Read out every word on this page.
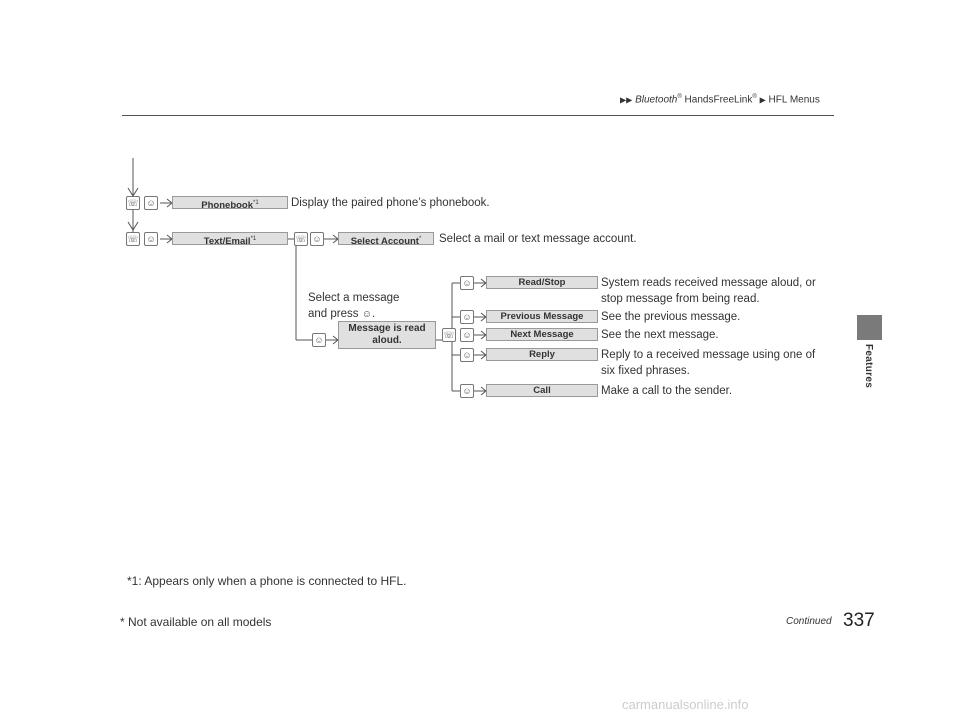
▶▶ Bluetooth® HandsFreeLink® ▶ HFL Menus
Features
☏ ☺
☏ ☺	☏ ☺
☺	☏
☺
☺
☺
☺
☺
Phonebook$^{*1}$	Display the paired phone’s phonebook.
Text/Email$^{*1}$	Select Account*	Select a mail or text message account.
Select a message
and press ☺.
Message is read
aloud.
Read/Stop	System reads received message aloud, or
stop message from being read.
Previous Message	See the previous message.
Next Message	See the next message.
Reply	Reply to a received message using one of
six fixed phrases.
Call	Make a call to the sender.
*1: Appears only when a phone is connected to HFL.
* Not available on all models	Continued 337
carmanualsonline.info
